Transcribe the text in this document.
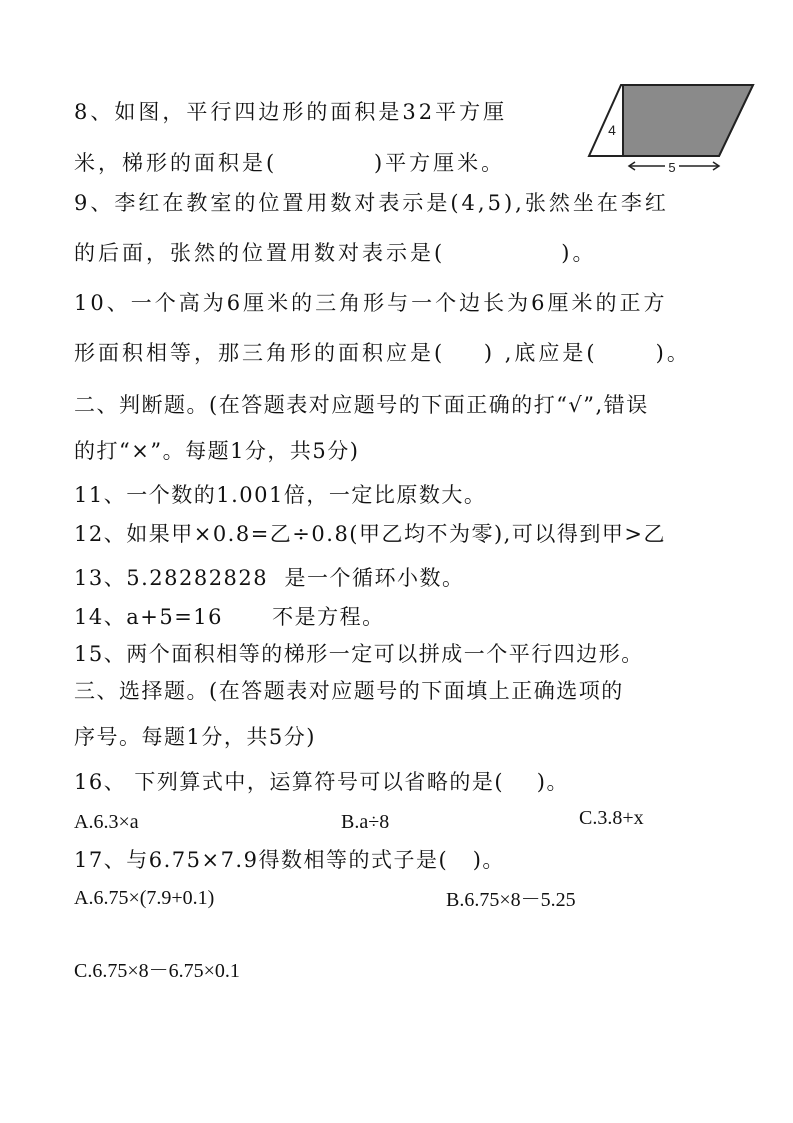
5
4
8、如图，平行四边形的面积是32平方厘
米，梯形的面积是(          )平方厘米。
9、李红在教室的位置用数对表示是(4,5),张然坐在李红
的后面，张然的位置用数对表示是(            )。
10、一个高为6厘米的三角形与一个边长为6厘米的正方
形面积相等，那三角形的面积应是(    ) ,底应是(      )。
二、判断题。(在答题表对应题号的下面正确的打“√”,错误
的打“×”。每题1分，共5分)
11、一个数的1.001倍，一定比原数大。
12、如果甲×0.8=乙÷0.8(甲乙均不为零),可以得到甲>乙
13、5.28282828  是一个循环小数。
14、a+5=16      不是方程。
15、两个面积相等的梯形一定可以拼成一个平行四边形。
三、选择题。(在答题表对应题号的下面填上正确选项的
序号。每题1分，共5分)
16、 下列算式中，运算符号可以省略的是(    )。
A.6.3×a	B.a÷8	C.3.8+x
17、与6.75×7.9得数相等的式子是(   )。
A.6.75×(7.9+0.1)	B.6.75×8－5.25
C.6.75×8－6.75×0.1
